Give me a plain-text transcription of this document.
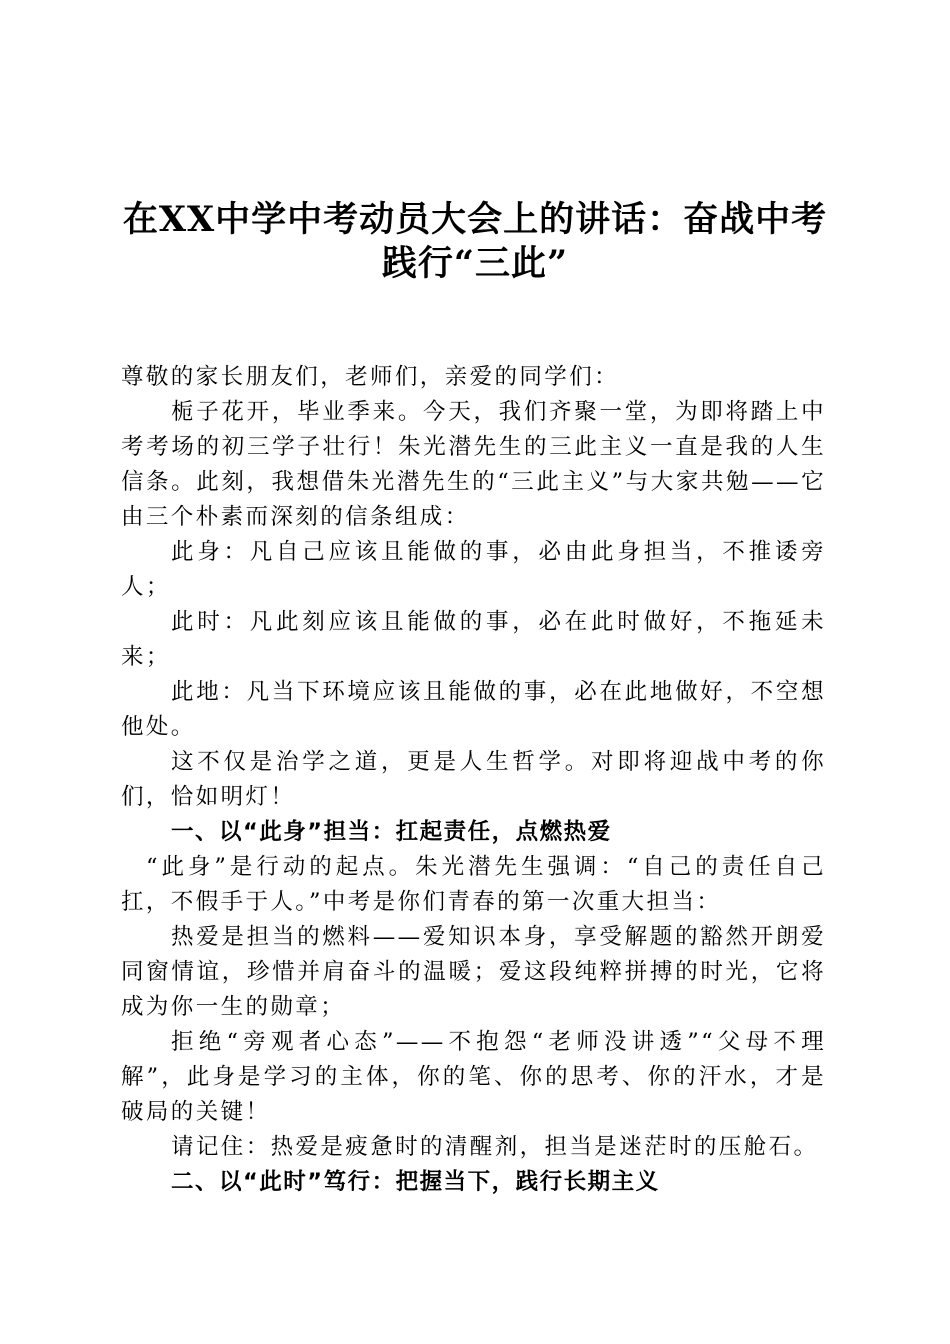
在XX中学中考动员大会上的讲话：奋战中考
践行“三此”

尊敬的家长朋友们，老师们，亲爱的同学们：

栀子花开，毕业季来。今天，我们齐聚一堂，为即将踏上中考考场的初三学子壮行！朱光潜先生的三此主义一直是我的人生信条。此刻，我想借朱光潜先生的“三此主义”与大家共勉——它由三个朴素而深刻的信条组成：

此身：凡自己应该且能做的事，必由此身担当，不推诿旁人；

此时：凡此刻应该且能做的事，必在此时做好，不拖延未来；

此地：凡当下环境应该且能做的事，必在此地做好，不空想他处。

这不仅是治学之道，更是人生哲学。对即将迎战中考的你们，恰如明灯！

一、以“此身”担当：扛起责任，点燃热爱

“此身”是行动的起点。朱光潜先生强调：“自己的责任自己扛，不假手于人。”中考是你们青春的第一次重大担当：

热爱是担当的燃料——爱知识本身，享受解题的豁然开朗爱同窗情谊，珍惜并肩奋斗的温暖；爱这段纯粹拼搏的时光，它将成为你一生的勋章；

拒绝“旁观者心态”——不抱怨“老师没讲透”“父母不理解”，此身是学习的主体，你的笔、你的思考、你的汗水，才是破局的关键！

请记住：热爱是疲惫时的清醒剂，担当是迷茫时的压舱石。

二、以“此时”笃行：把握当下，践行长期主义
